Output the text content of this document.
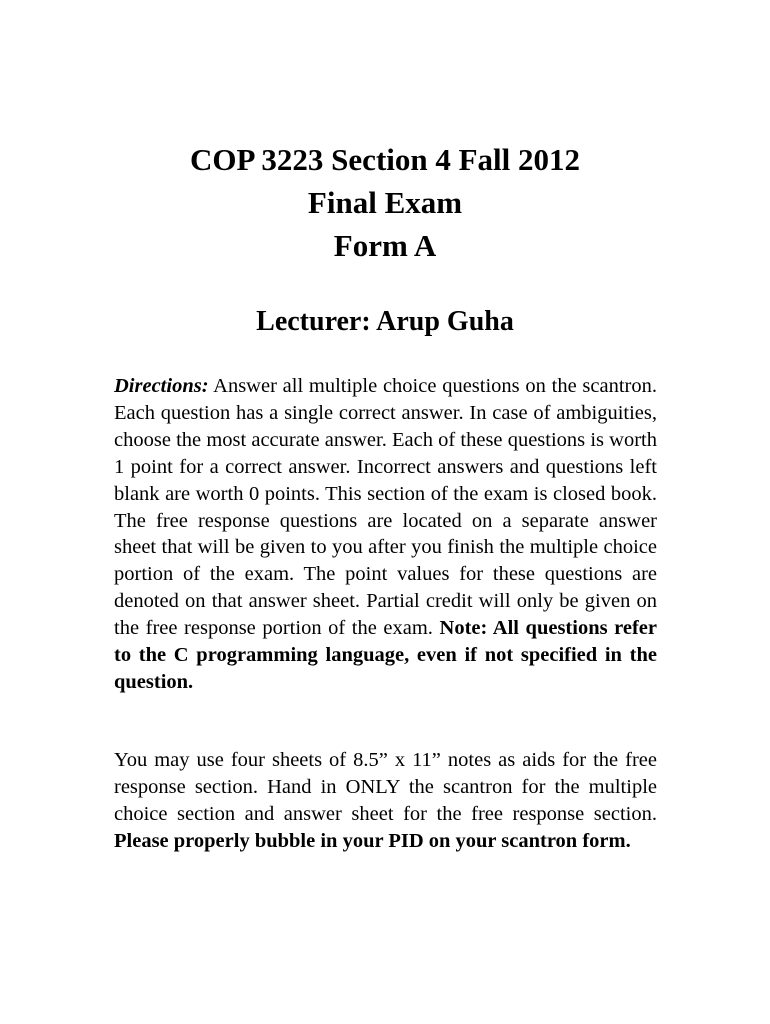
COP 3223 Section 4 Fall 2012
Final Exam
Form A
Lecturer: Arup Guha
Directions: Answer all multiple choice questions on the scantron. Each question has a single correct answer. In case of ambiguities, choose the most accurate answer. Each of these questions is worth 1 point for a correct answer. Incorrect answers and questions left blank are worth 0 points. This section of the exam is closed book. The free response questions are located on a separate answer sheet that will be given to you after you finish the multiple choice portion of the exam. The point values for these questions are denoted on that answer sheet. Partial credit will only be given on the free response portion of the exam. Note: All questions refer to the C programming language, even if not specified in the question.
You may use four sheets of 8.5” x 11” notes as aids for the free response section. Hand in ONLY the scantron for the multiple choice section and answer sheet for the free response section. Please properly bubble in your PID on your scantron form.
